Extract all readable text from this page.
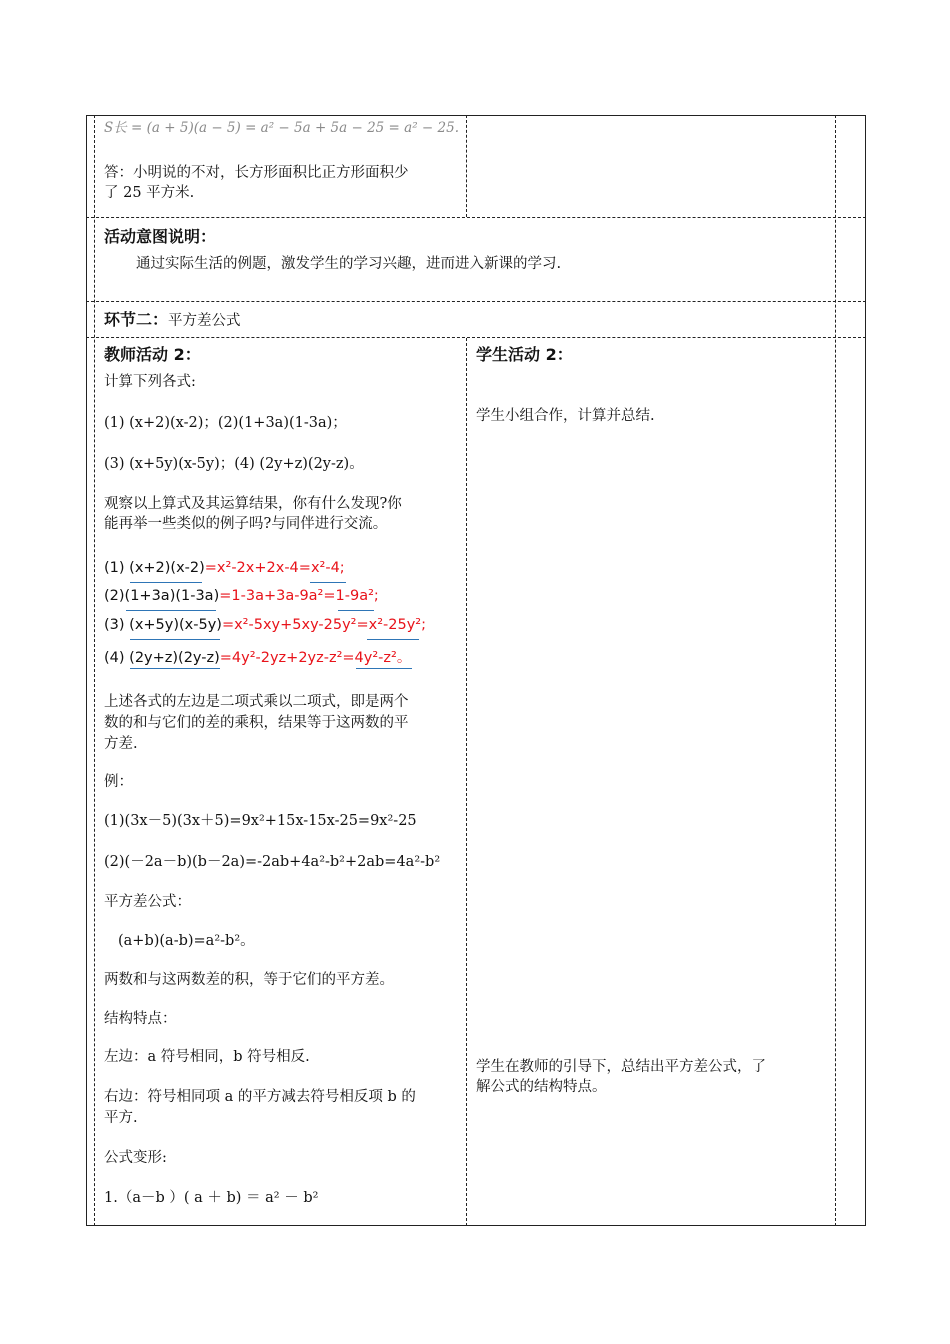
S长 = (a + 5)(a − 5) = a² − 5a + 5a − 25 = a² − 25.
答：小明说的不对，长方形面积比正方形面积少
了 25 平方米.
活动意图说明：
通过实际生活的例题，激发学生的学习兴趣，进而进入新课的学习.
环节二：平方差公式
教师活动 2：
计算下列各式:
(1) (x+2)(x-2)；(2)(1+3a)(1-3a)；
(3) (x+5y)(x-5y)；(4) (2y+z)(2y-z)。
观察以上算式及其运算结果，你有什么发现?你
能再举一些类似的例子吗?与同伴进行交流。
(1) (x+2)(x-2)=x²-2x+2x-4=x²-4;
(2)(1+3a)(1-3a)=1-3a+3a-9a²=1-9a²;
(3) (x+5y)(x-5y)=x²-5xy+5xy-25y²=x²-25y²;
(4) (2y+z)(2y-z)=4y²-2yz+2yz-z²=4y²-z²。
上述各式的左边是二项式乘以二项式，即是两个
数的和与它们的差的乘积，结果等于这两数的平
方差.
例：
(1)(3x－5)(3x＋5)=9x²+15x-15x-25=9x²-25
(2)(－2a－b)(b－2a)=-2ab+4a²-b²+2ab=4a²-b²
平方差公式：
(a+b)(a-b)=a²-b²。
两数和与这两数差的积，等于它们的平方差。
结构特点：
左边：a 符号相同，b 符号相反.
右边：符号相同项 a 的平方减去符号相反项 b 的
平方.
公式变形:
1.（a－b ）( a ＋ b) ＝ a² － b²
学生活动 2：
学生小组合作，计算并总结.
学生在教师的引导下，总结出平方差公式，了
解公式的结构特点。
